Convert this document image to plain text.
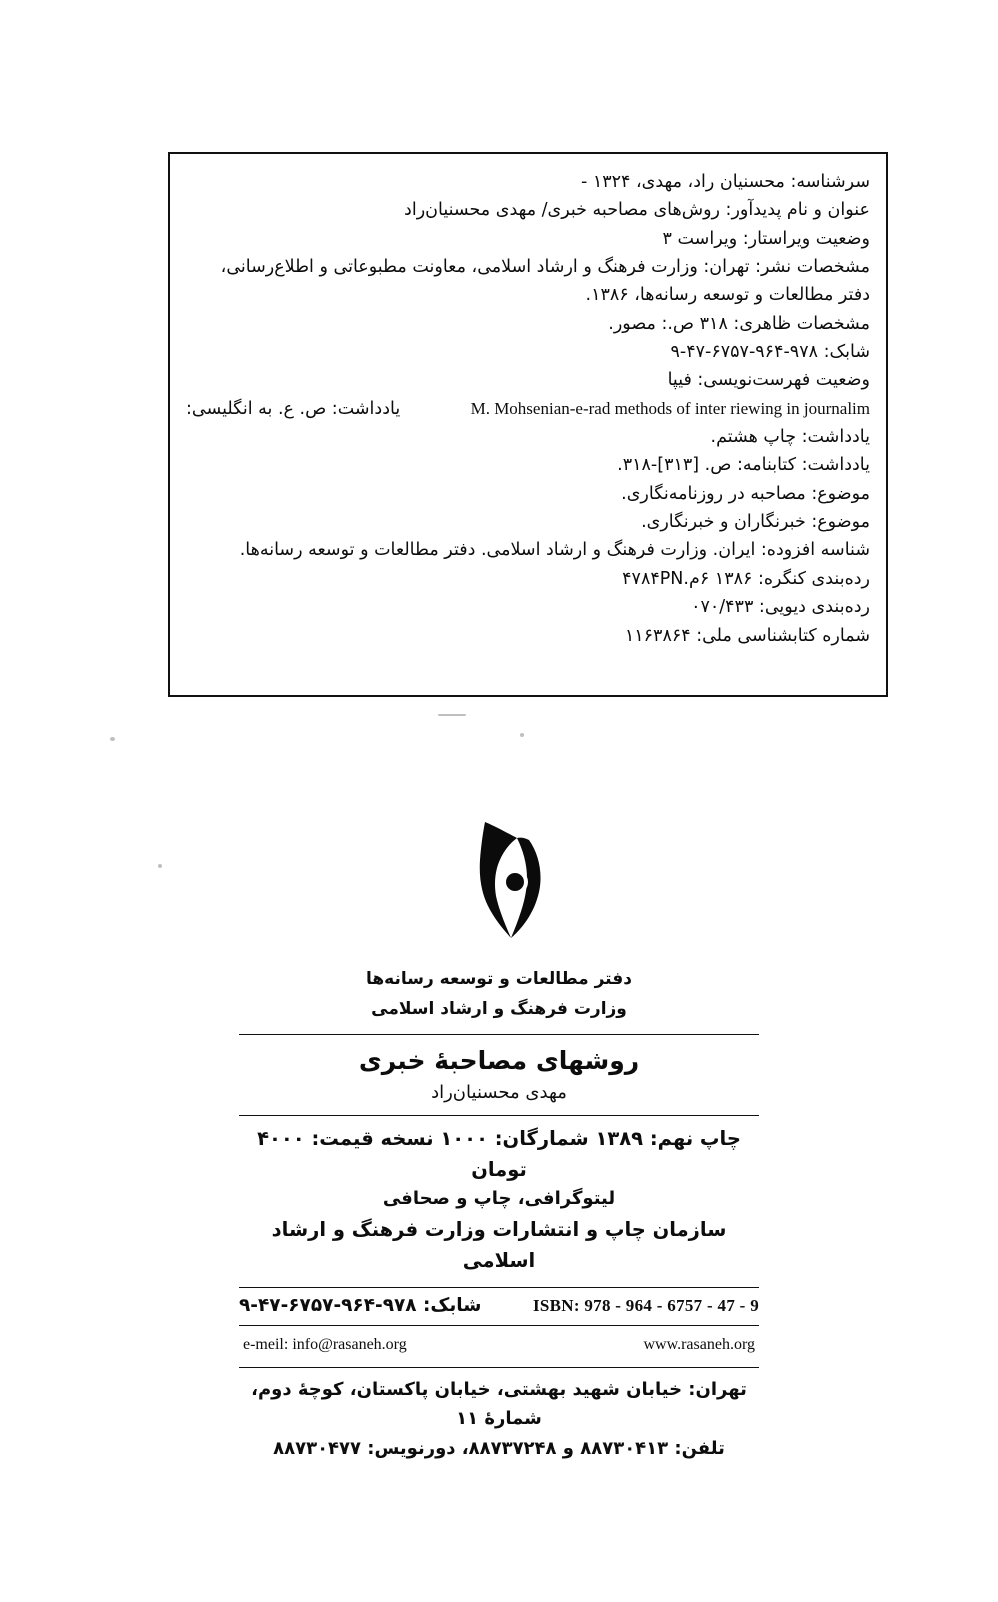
سرشناسه: محسنیان راد، مهدی، ۱۳۲۴ -
عنوان و نام پدیدآور: روش‌های مصاحبه خبری/ مهدی محسنیان‌راد
وضعیت ویراستار: ویراست ۳
مشخصات نشر: تهران: وزارت فرهنگ و ارشاد اسلامی، معاونت مطبوعاتی و اطلاع‌رسانی، دفتر مطالعات و توسعه رسانه‌ها، ۱۳۸۶.
مشخصات ظاهری: ۳۱۸ ص.: مصور.
شابک: ۹۷۸-۹۶۴-۶۷۵۷-۴۷-۹
وضعیت فهرست‌نویسی: فیپا
یادداشت: ص. ع. به انگلیسی:	M. Mohsenian-e-rad methods of inter riewing in journalim
یادداشت: چاپ هشتم.
یادداشت: کتابنامه: ص. [۳۱۳]-۳۱۸.
موضوع: مصاحبه در روزنامه‌نگاری.
موضوع: خبرنگاران و خبرنگاری.
شناسه افزوده: ایران. وزارت فرهنگ و ارشاد اسلامی. دفتر مطالعات و توسعه رسانه‌ها.
رده‌بندی کنگره: ۱۳۸۶ ۶م.۴۷۸۴PN
رده‌بندی دیویی: ۰۷۰/۴۳۳
شماره کتابشناسی ملی: ۱۱۶۳۸۶۴
دفتر مطالعات و توسعه رسانه‌ها
وزارت فرهنگ و ارشاد اسلامی
روشهای مصاحبۀ خبری
مهدی محسنیان‌راد
چاپ نهم: ۱۳۸۹ شمارگان: ۱۰۰۰ نسخه قیمت: ۴۰۰۰ تومان
لیتوگرافی، چاپ و صحافی
سازمان چاپ و انتشارات وزارت فرهنگ و ارشاد اسلامی
شابک: ۹۷۸-۹۶۴-۶۷۵۷-۴۷-۹	ISBN: 978 - 964 - 6757 - 47 - 9
e-meil: info@rasaneh.org	www.rasaneh.org
تهران: خیابان شهید بهشتی، خیابان پاکستان، کوچۀ دوم، شمارۀ ۱۱
تلفن: ۸۸۷۳۰۴۱۳ و ۸۸۷۳۷۲۴۸، دورنویس: ۸۸۷۳۰۴۷۷
